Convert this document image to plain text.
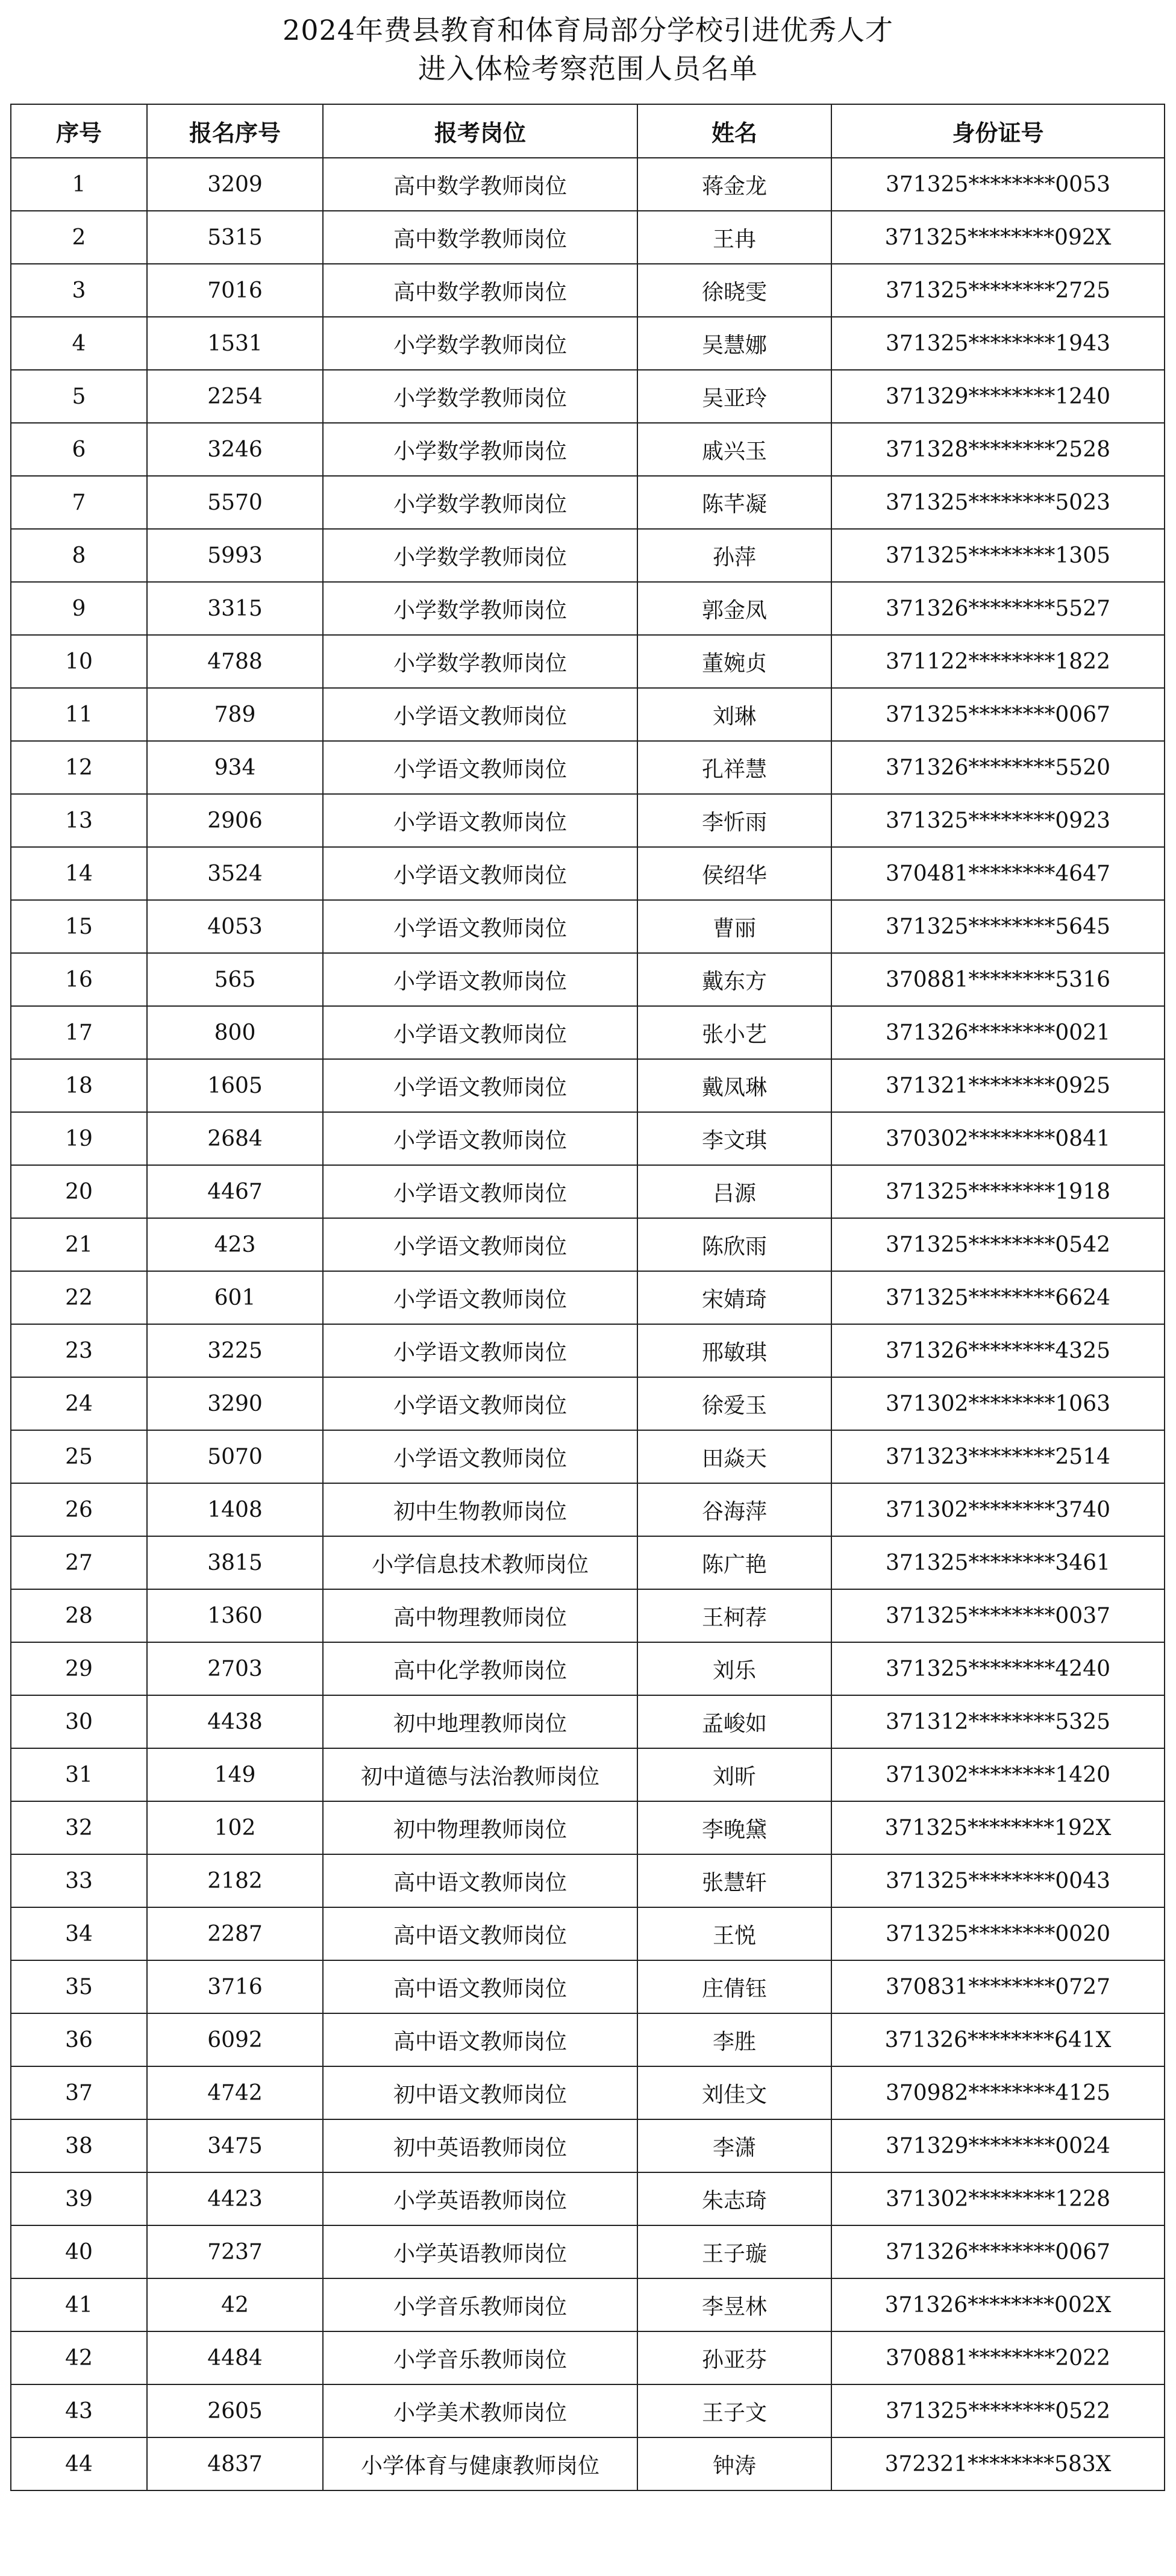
2024年费县教育和体育局部分学校引进优秀人才
进入体检考察范围人员名单
序号	报名序号	报考岗位	姓名	身份证号
1	3209	高中数学教师岗位	蒋金龙	371325********0053
2	5315	高中数学教师岗位	王冉	371325********092X
3	7016	高中数学教师岗位	徐晓雯	371325********2725
4	1531	小学数学教师岗位	吴慧娜	371325********1943
5	2254	小学数学教师岗位	吴亚玲	371329********1240
6	3246	小学数学教师岗位	戚兴玉	371328********2528
7	5570	小学数学教师岗位	陈芊凝	371325********5023
8	5993	小学数学教师岗位	孙萍	371325********1305
9	3315	小学数学教师岗位	郭金凤	371326********5527
10	4788	小学数学教师岗位	董婉贞	371122********1822
11	789	小学语文教师岗位	刘琳	371325********0067
12	934	小学语文教师岗位	孔祥慧	371326********5520
13	2906	小学语文教师岗位	李忻雨	371325********0923
14	3524	小学语文教师岗位	侯绍华	370481********4647
15	4053	小学语文教师岗位	曹丽	371325********5645
16	565	小学语文教师岗位	戴东方	370881********5316
17	800	小学语文教师岗位	张小艺	371326********0021
18	1605	小学语文教师岗位	戴凤琳	371321********0925
19	2684	小学语文教师岗位	李文琪	370302********0841
20	4467	小学语文教师岗位	吕源	371325********1918
21	423	小学语文教师岗位	陈欣雨	371325********0542
22	601	小学语文教师岗位	宋婧琦	371325********6624
23	3225	小学语文教师岗位	邢敏琪	371326********4325
24	3290	小学语文教师岗位	徐爱玉	371302********1063
25	5070	小学语文教师岗位	田焱天	371323********2514
26	1408	初中生物教师岗位	谷海萍	371302********3740
27	3815	小学信息技术教师岗位	陈广艳	371325********3461
28	1360	高中物理教师岗位	王柯荐	371325********0037
29	2703	高中化学教师岗位	刘乐	371325********4240
30	4438	初中地理教师岗位	孟峻如	371312********5325
31	149	初中道德与法治教师岗位	刘昕	371302********1420
32	102	初中物理教师岗位	李晚黛	371325********192X
33	2182	高中语文教师岗位	张慧轩	371325********0043
34	2287	高中语文教师岗位	王悦	371325********0020
35	3716	高中语文教师岗位	庄倩钰	370831********0727
36	6092	高中语文教师岗位	李胜	371326********641X
37	4742	初中语文教师岗位	刘佳文	370982********4125
38	3475	初中英语教师岗位	李潇	371329********0024
39	4423	小学英语教师岗位	朱志琦	371302********1228
40	7237	小学英语教师岗位	王子璇	371326********0067
41	42	小学音乐教师岗位	李昱林	371326********002X
42	4484	小学音乐教师岗位	孙亚芬	370881********2022
43	2605	小学美术教师岗位	王子文	371325********0522
44	4837	小学体育与健康教师岗位	钟涛	372321********583X
